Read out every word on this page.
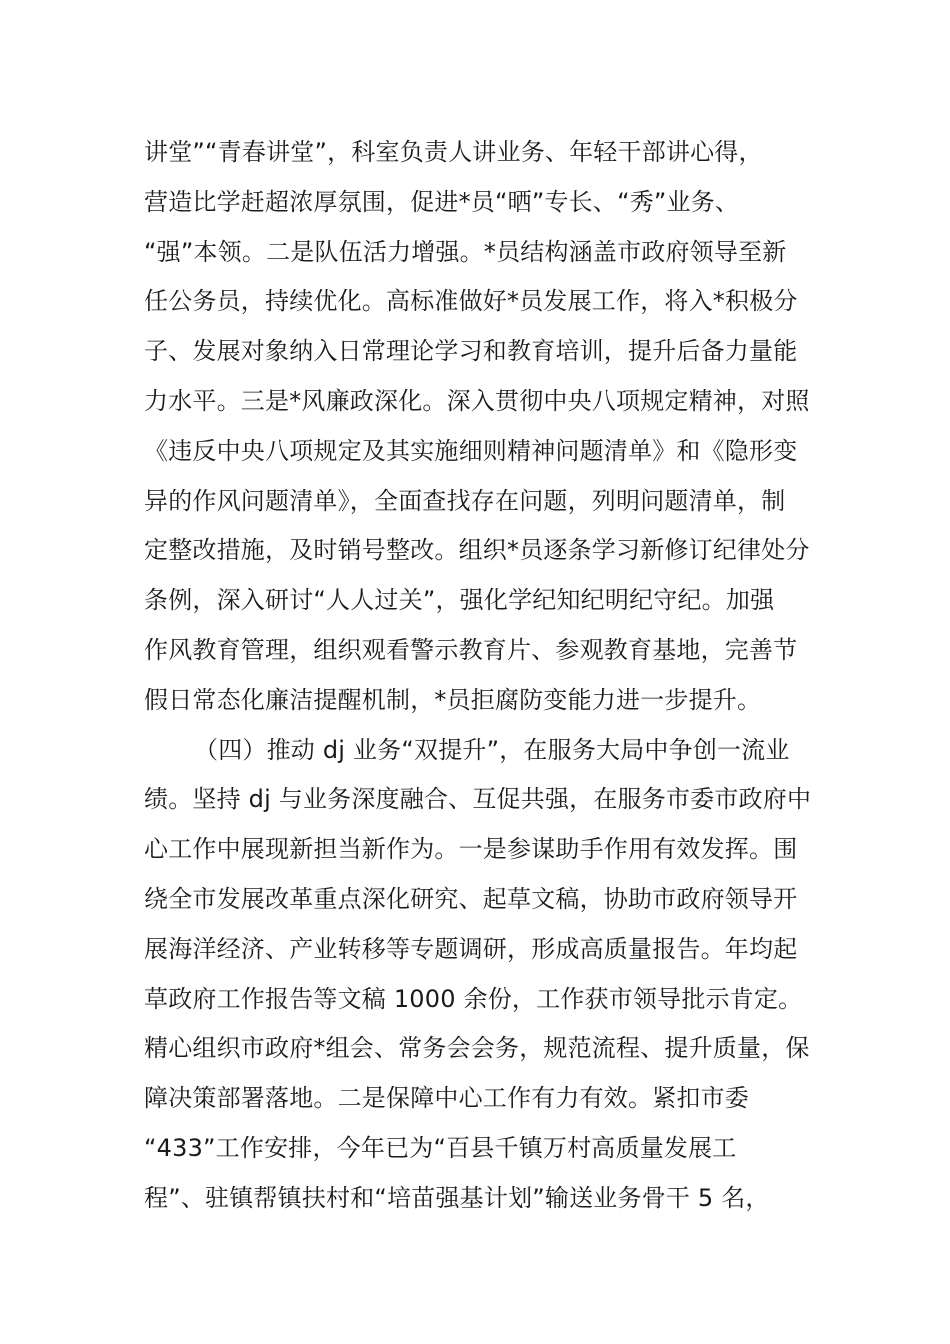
讲堂”“青春讲堂”，科室负责人讲业务、年轻干部讲心得，
营造比学赶超浓厚氛围，促进*员“晒”专长、“秀”业务、
“强”本领。二是队伍活力增强。*员结构涵盖市政府领导至新
任公务员，持续优化。高标准做好*员发展工作，将入*积极分
子、发展对象纳入日常理论学习和教育培训，提升后备力量能
力水平。三是*风廉政深化。深入贯彻中央八项规定精神，对照
《违反中央八项规定及其实施细则精神问题清单》和《隐形变
异的作风问题清单》，全面查找存在问题，列明问题清单，制
定整改措施，及时销号整改。组织*员逐条学习新修订纪律处分
条例，深入研讨“人人过关”，强化学纪知纪明纪守纪。加强
作风教育管理，组织观看警示教育片、参观教育基地，完善节
假日常态化廉洁提醒机制，*员拒腐防变能力进一步提升。
（四）推动 dj 业务“双提升”，在服务大局中争创一流业
绩。坚持 dj 与业务深度融合、互促共强，在服务市委市政府中
心工作中展现新担当新作为。一是参谋助手作用有效发挥。围
绕全市发展改革重点深化研究、起草文稿，协助市政府领导开
展海洋经济、产业转移等专题调研，形成高质量报告。年均起
草政府工作报告等文稿 1000 余份，工作获市领导批示肯定。
精心组织市政府*组会、常务会会务，规范流程、提升质量，保
障决策部署落地。二是保障中心工作有力有效。紧扣市委
“433”工作安排，今年已为“百县千镇万村高质量发展工
程”、驻镇帮镇扶村和“培苗强基计划”输送业务骨干 5 名，
